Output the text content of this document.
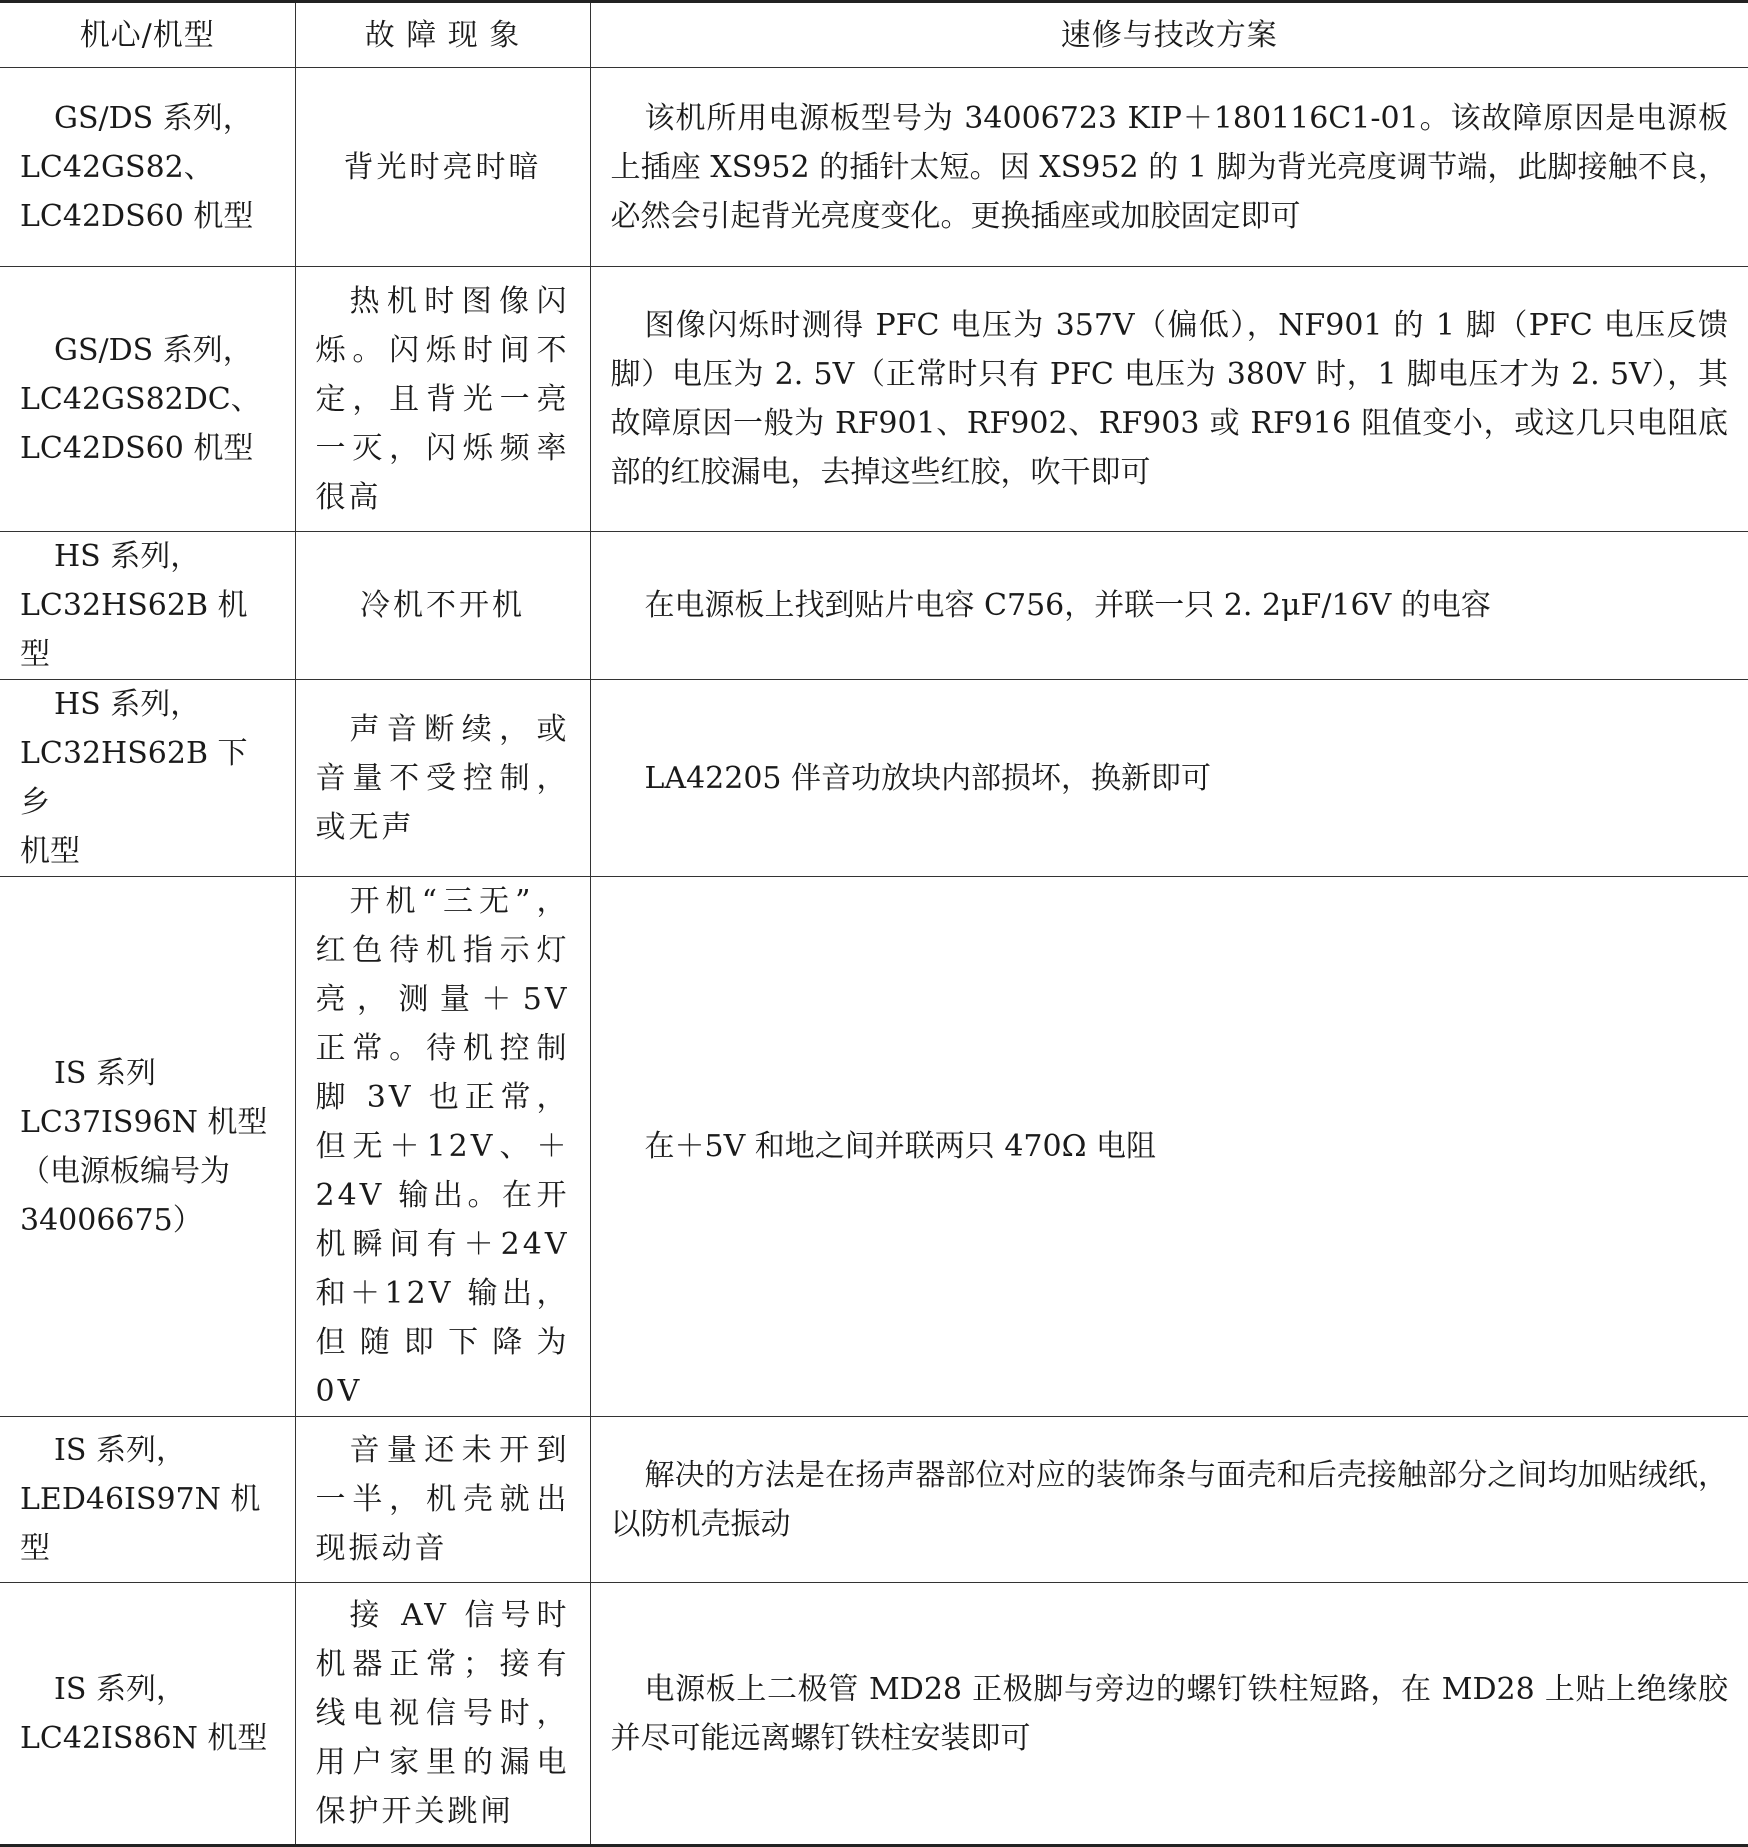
机心/机型	故 障 现 象	速修与技改方案

GS/DS 系列，
LC42GS82、
LC42DS60 机型	背光时亮时暗	该机所用电源板型号为 34006723 KIP＋180116C1-01。该故障原因是电源板上插座 XS952 的插针太短。因 XS952 的 1 脚为背光亮度调节端，此脚接触不良，必然会引起背光亮度变化。更换插座或加胶固定即可

GS/DS 系列，
LC42GS82DC、
LC42DS60 机型	热机时图像闪烁。闪烁时间不定，且背光一亮一灭，闪烁频率很高	图像闪烁时测得 PFC 电压为 357V（偏低），NF901 的 1 脚（PFC 电压反馈脚）电压为 2. 5V（正常时只有 PFC 电压为 380V 时，1 脚电压才为 2. 5V），其故障原因一般为 RF901、RF902、RF903 或 RF916 阻值变小，或这几只电阻底部的红胶漏电，去掉这些红胶，吹干即可

HS 系列，
LC32HS62B 机型	冷机不开机	在电源板上找到贴片电容 C756，并联一只 2. 2μF/16V 的电容

HS 系列，
LC32HS62B 下乡
机型	声音断续，或音量不受控制，或无声	LA42205 伴音功放块内部损坏，换新即可

IS 系列
LC37IS96N 机型
（电源板编号为
34006675）	开机“三无”，红色待机指示灯亮，测量＋5V 正常。待机控制脚 3V 也正常，但无＋12V、＋24V 输出。在开机瞬间有＋24V 和＋12V 输出，但随即下降为 0V	在＋5V 和地之间并联两只 470Ω 电阻

IS 系列，
LED46IS97N 机型	音量还未开到一半，机壳就出现振动音	解决的方法是在扬声器部位对应的装饰条与面壳和后壳接触部分之间均加贴绒纸，以防机壳振动

IS 系列，
LC42IS86N 机型	接 AV 信号时机器正常；接有线电视信号时，用户家里的漏电保护开关跳闸	电源板上二极管 MD28 正极脚与旁边的螺钉铁柱短路，在 MD28 上贴上绝缘胶并尽可能远离螺钉铁柱安装即可
